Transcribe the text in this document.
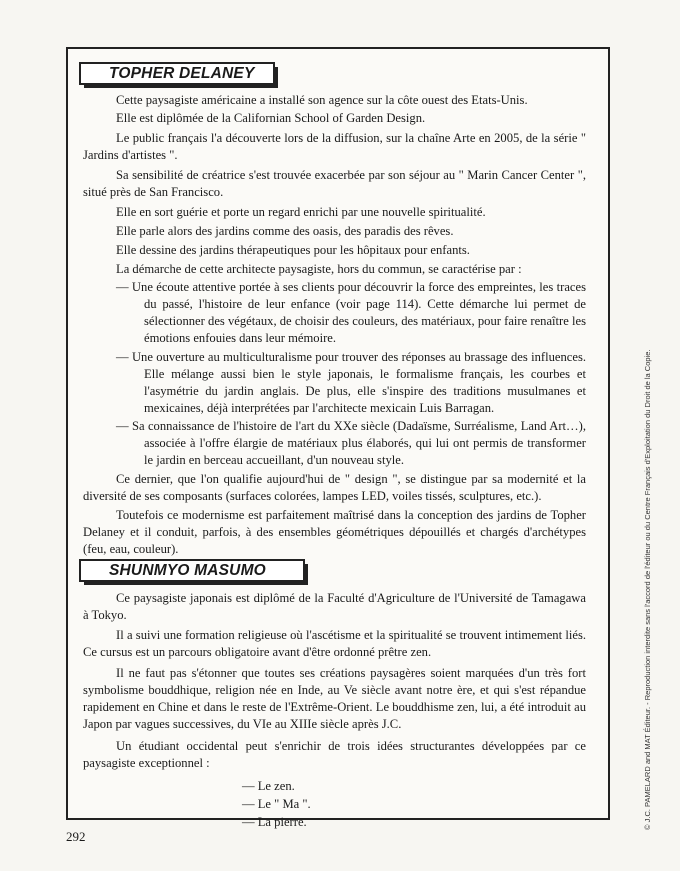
TOPHER DELANEY

Cette paysagiste américaine a installé son agence sur la côte ouest des Etats-Unis.

Elle est diplômée de la Californian School of Garden Design.

Le public français l'a découverte lors de la diffusion, sur la chaîne Arte en 2005, de la série " Jardins d'artistes ".

Sa sensibilité de créatrice s'est trouvée exacerbée par son séjour au " Marin Cancer Center ", situé près de San Francisco.

Elle en sort guérie et porte un regard enrichi par une nouvelle spiritualité.

Elle parle alors des jardins comme des oasis, des paradis des rêves.

Elle dessine des jardins thérapeutiques pour les hôpitaux pour enfants.

La démarche de cette architecte paysagiste, hors du commun, se caractérise par :

— Une écoute attentive portée à ses clients pour découvrir la force des empreintes, les traces du passé, l'histoire de leur enfance (voir page 114). Cette démarche lui permet de sélectionner des végétaux, de choisir des couleurs, des matériaux, pour faire renaître les émotions enfouies dans leur mémoire.

— Une ouverture au multiculturalisme pour trouver des réponses au brassage des influences. Elle mélange aussi bien le style japonais, le formalisme français, les courbes et l'asymétrie du jardin anglais. De plus, elle s'inspire des traditions musulmanes et mexicaines, déjà interprétées par l'architecte mexicain Luis Barragan.

— Sa connaissance de l'histoire de l'art du XXe siècle (Dadaïsme, Surréalisme, Land Art…), associée à l'offre élargie de matériaux plus élaborés, qui lui ont permis de transformer le jardin en berceau accueillant, d'un nouveau style.

Ce dernier, que l'on qualifie aujourd'hui de " design ", se distingue par sa modernité et la diversité de ses composants (surfaces colorées, lampes LED, voiles tissés, sculptures, etc.).

Toutefois ce modernisme est parfaitement maîtrisé dans la conception des jardins de Topher Delaney et il conduit, parfois, à des ensembles géométriques dépouillés et chargés d'archétypes (feu, eau, couleur).

SHUNMYO MASUMO

Ce paysagiste japonais est diplômé de la Faculté d'Agriculture de l'Université de Tamagawa à Tokyo.

Il a suivi une formation religieuse où l'ascétisme et la spiritualité se trouvent intimement liés. Ce cursus est un parcours obligatoire avant d'être ordonné prêtre zen.

Il ne faut pas s'étonner que toutes ses créations paysagères soient marquées d'un très fort symbolisme bouddhique, religion née en Inde, au Ve siècle avant notre ère, et qui s'est répandue rapidement en Chine et dans le reste de l'Extrême-Orient. Le bouddhisme zen, lui, a été introduit au Japon par vagues successives, du VIe au XIIIe siècle après J.C.

Un étudiant occidental peut s'enrichir de trois idées structurantes développées par ce paysagiste exceptionnel :

— Le zen.

— Le " Ma ".

— La pierre.

292
© J.C. PAMELARD and MAT Éditeur. - Reproduction interdite sans l'accord de l'éditeur ou du Centre Français d'Exploitation du Droit de la Copie.
